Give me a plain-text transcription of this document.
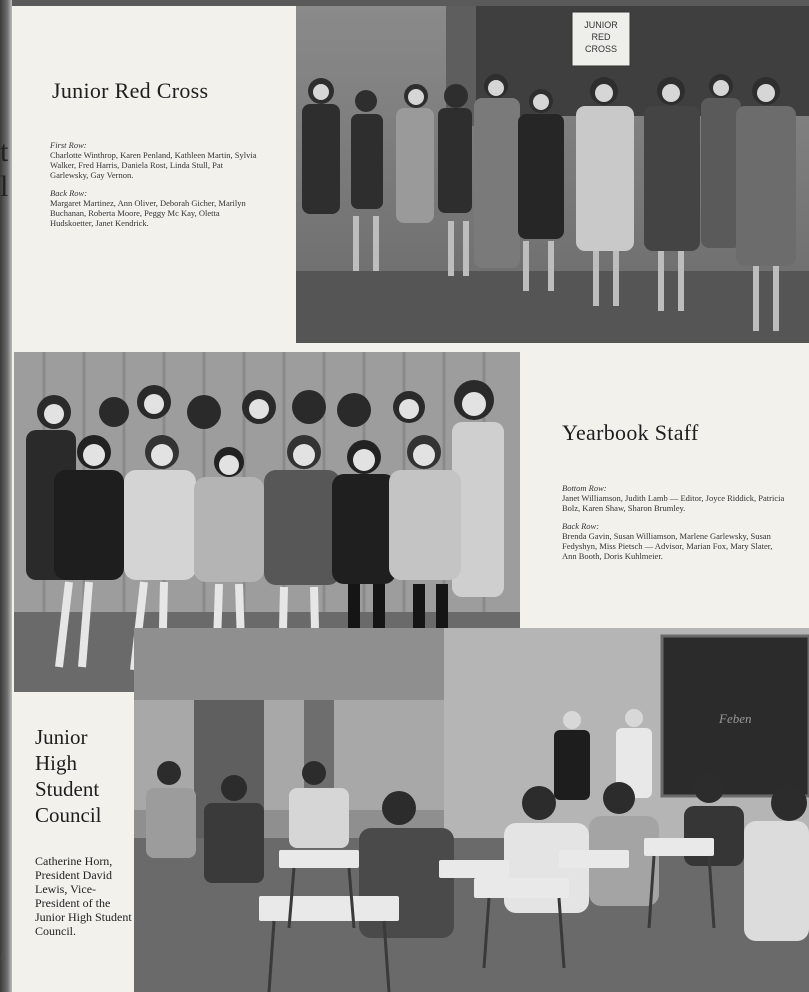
t
l
Junior Red Cross
First Row:
Charlotte Winthrop, Karen Penland, Kathleen Martin, Sylvia Walker, Fred Harris, Daniela Rost, Linda Stull, Pat Garlewsky, Gay Vernon.
Back Row:
Margaret Martinez, Ann Oliver, Deborah Gicher, Marilyn Buchanan, Roberta Moore, Peggy Mc Kay, Oletta Hudskoetter, Janet Kendrick.
JUNIOR
RED
CROSS
Yearbook Staff
Bottom Row:
Janet Williamson, Judith Lamb — Editor, Joyce Riddick, Patricia Bolz, Karen Shaw, Sharon Brumley.
Back Row:
Brenda Gavin, Susan Williamson, Marlene Garlewsky, Susan Fedyshyn, Miss Pietsch — Advisor, Marian Fox, Mary Slater, Ann Booth, Doris Kuhlmeier.
Junior
High
Student
Council
Catherine Horn, President David Lewis, Vice-President of the Junior High Student Council.
Feben
8
